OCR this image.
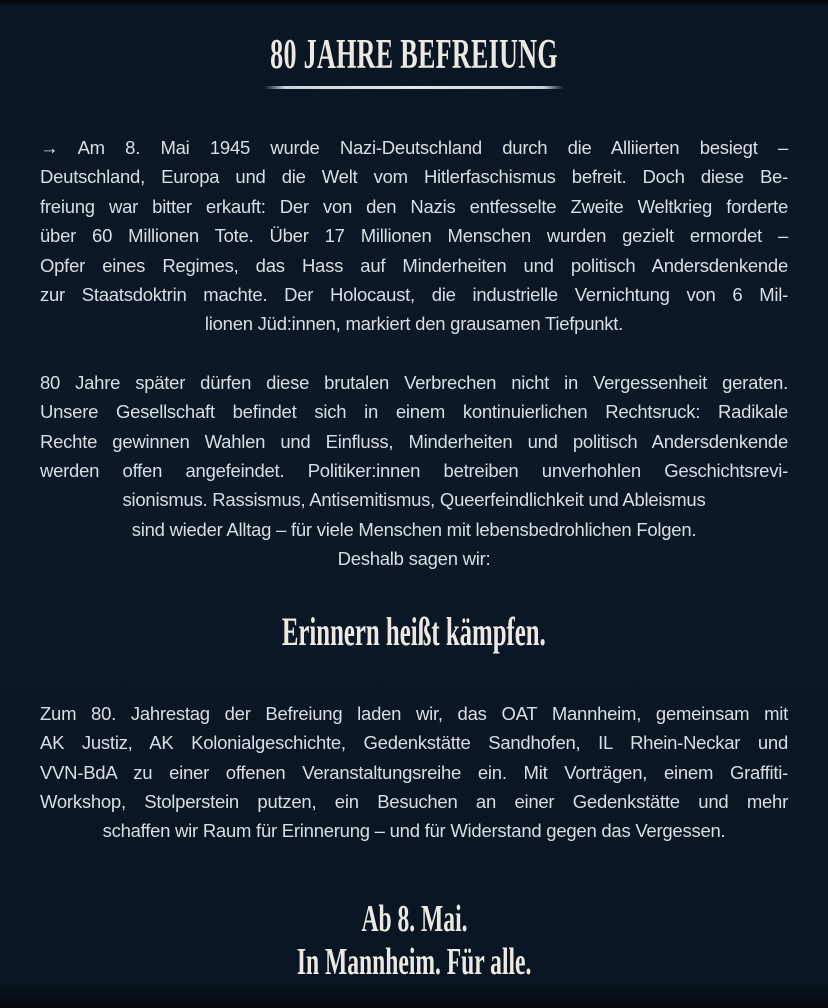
80 JAHRE BEFREIUNG
→ Am 8. Mai 1945 wurde Nazi-Deutschland durch die Alliierten besiegt –
Deutschland, Europa und die Welt vom Hitlerfaschismus befreit. Doch diese Be-
freiung war bitter erkauft: Der von den Nazis entfesselte Zweite Weltkrieg forderte
über 60 Millionen Tote. Über 17 Millionen Menschen wurden gezielt ermordet –
Opfer eines Regimes, das Hass auf Minderheiten und politisch Andersdenkende
zur Staatsdoktrin machte. Der Holocaust, die industrielle Vernichtung von 6 Mil-
lionen Jüd:innen, markiert den grausamen Tiefpunkt.
80 Jahre später dürfen diese brutalen Verbrechen nicht in Vergessenheit geraten.
Unsere Gesellschaft befindet sich in einem kontinuierlichen Rechtsruck: Radikale
Rechte gewinnen Wahlen und Einfluss, Minderheiten und politisch Andersdenkende
werden offen angefeindet. Politiker:innen betreiben unverhohlen Geschichtsrevi-
sionismus. Rassismus, Antisemitismus, Queerfeindlichkeit und Ableismus
sind wieder Alltag – für viele Menschen mit lebensbedrohlichen Folgen.
Deshalb sagen wir:
Erinnern heißt kämpfen.
Zum 80. Jahrestag der Befreiung laden wir, das OAT Mannheim, gemeinsam mit
AK Justiz, AK Kolonialgeschichte, Gedenkstätte Sandhofen, IL Rhein-Neckar und
VVN-BdA zu einer offenen Veranstaltungsreihe ein. Mit Vorträgen, einem Graffiti-
Workshop, Stolperstein putzen, ein Besuchen an einer Gedenkstätte und mehr
schaffen wir Raum für Erinnerung – und für Widerstand gegen das Vergessen.
Ab 8. Mai.
In Mannheim. Für alle.
